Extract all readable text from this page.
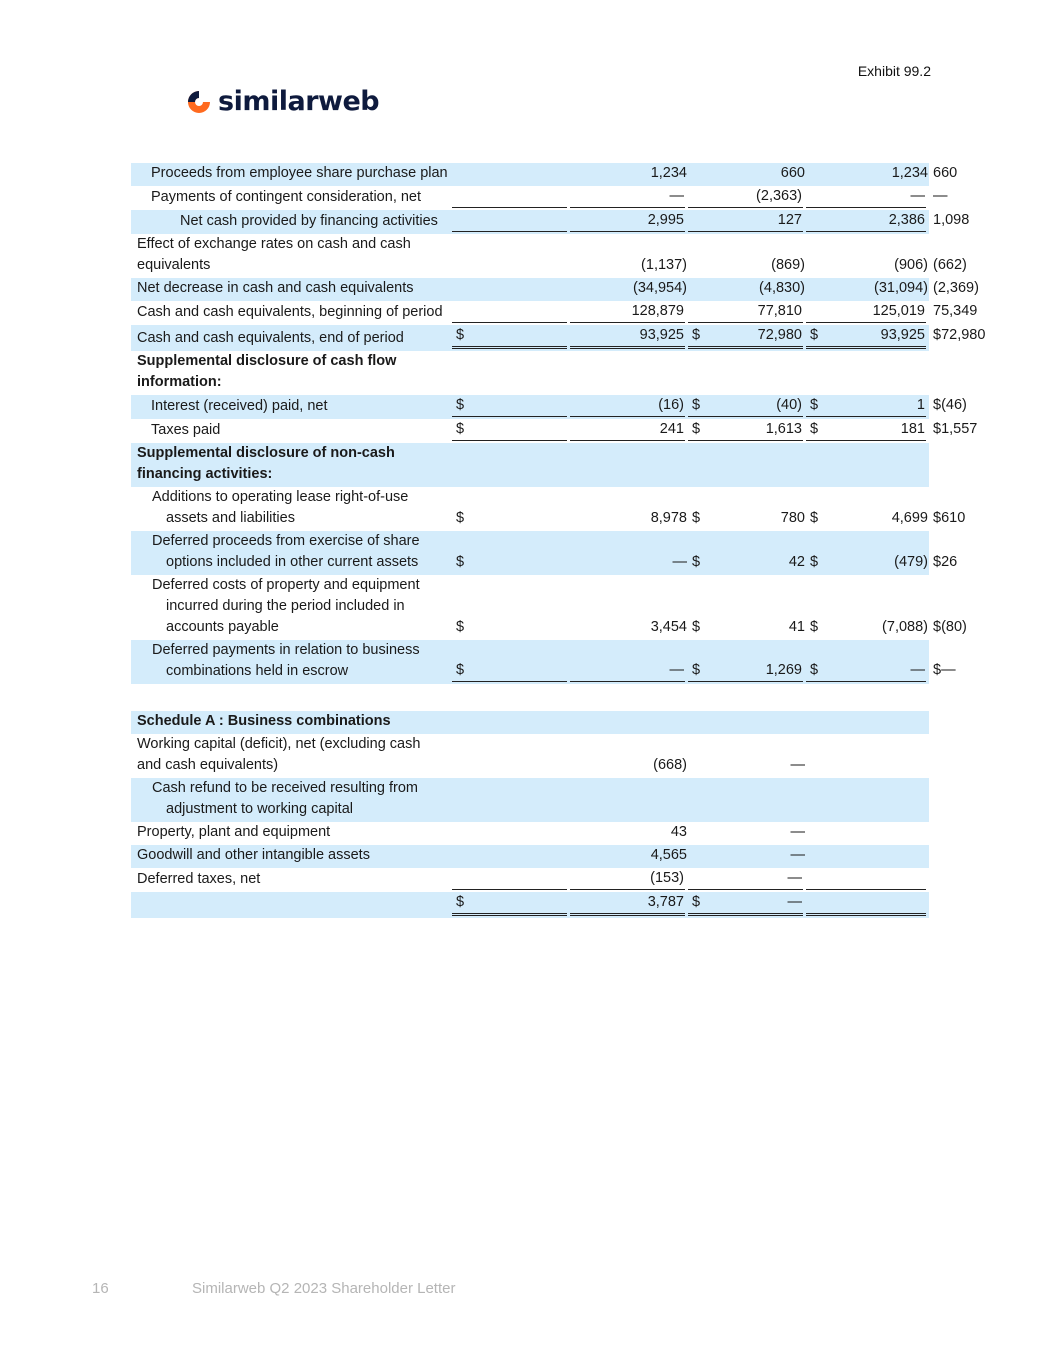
Exhibit 99.2
similarweb
Proceeds from employee share purchase plan		1,234	660	1,234	660

Payments of contingent consideration, net		—	(2,363)	—	—

Net cash provided by financing activities		2,995	127	2,386	1,098

Effect of exchange rates on cash and cash equivalents		(1,137)	(869)	(906)	(662)

Net decrease in cash and cash equivalents		(34,954)	(4,830)	(31,094)	(2,369)

Cash and cash equivalents, beginning of period		128,879	77,810	125,019	75,349

Cash and cash equivalents, end of period	$	93,925	$ 72,980	$ 93,925	$ 72,980

Supplemental disclosure of cash flow information:	

Interest (received) paid, net	$	(16)	$ (40)	$ 1	$ (46)

Taxes paid	$	241	$ 1,613	$ 181	$ 1,557

Supplemental disclosure of non-cash financing activities:	

Additions to operating lease right-of-use assets and liabilities	$	8,978	$ 780	$ 4,699	$ 610

Deferred proceeds from exercise of share options included in other current assets	$	—	$ 42	$ (479)	$ 26

Deferred costs of property and equipment incurred during the period included in accounts payable	$	3,454	$ 41	$ (7,088)	$ (80)

Deferred payments in relation to business combinations held in escrow	$	—	$ 1,269	$ —	$ —

Schedule A : Business combinations	

Working capital (deficit), net (excluding cash and cash equivalents)		(668)	—		

Cash refund to be received resulting from adjustment to working capital	

Property, plant and equipment		43	—		

Goodwill and other intangible assets		4,565	—		

Deferred taxes, net		(153)	—		

	$	3,787	$ —		

16	Similarweb Q2 2023 Shareholder Letter
